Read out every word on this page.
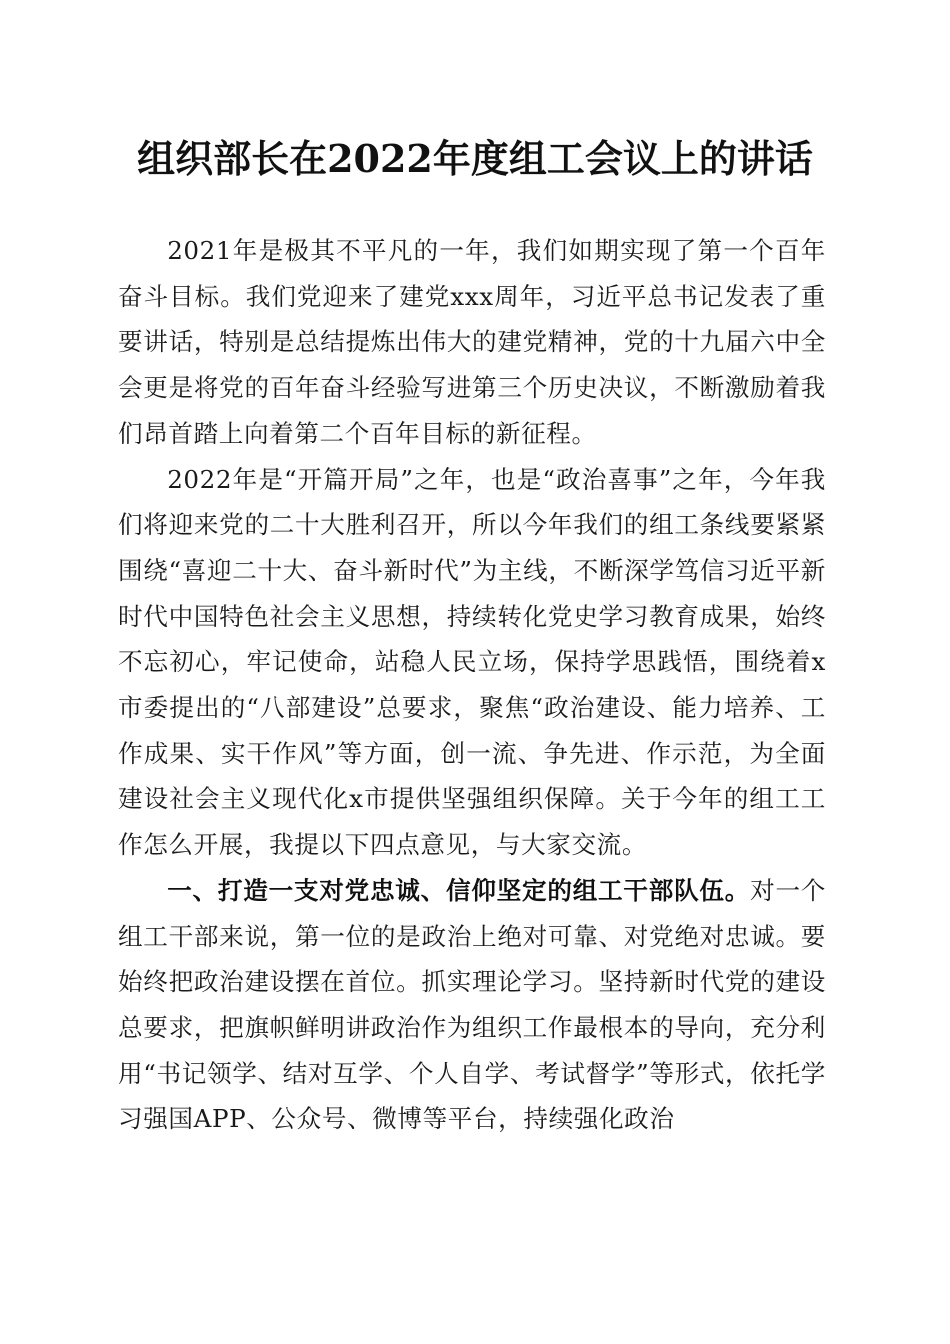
组织部长在2022年度组工会议上的讲话

2021年是极其不平凡的一年，我们如期实现了第一个百年奋斗目标。我们党迎来了建党xxx周年，习近平总书记发表了重要讲话，特别是总结提炼出伟大的建党精神，党的十九届六中全会更是将党的百年奋斗经验写进第三个历史决议，不断激励着我们昂首踏上向着第二个百年目标的新征程。

2022年是“开篇开局”之年，也是“政治喜事”之年，今年我们将迎来党的二十大胜利召开，所以今年我们的组工条线要紧紧围绕“喜迎二十大、奋斗新时代”为主线，不断深学笃信习近平新时代中国特色社会主义思想，持续转化党史学习教育成果，始终不忘初心，牢记使命，站稳人民立场，保持学思践悟，围绕着x市委提出的“八部建设”总要求，聚焦“政治建设、能力培养、工作成果、实干作风”等方面，创一流、争先进、作示范，为全面建设社会主义现代化x市提供坚强组织保障。关于今年的组工工作怎么开展，我提以下四点意见，与大家交流。

一、打造一支对党忠诚、信仰坚定的组工干部队伍。对一个组工干部来说，第一位的是政治上绝对可靠、对党绝对忠诚。要始终把政治建设摆在首位。抓实理论学习。坚持新时代党的建设总要求，把旗帜鲜明讲政治作为组织工作最根本的导向，充分利用“书记领学、结对互学、个人自学、考试督学”等形式，依托学习强国APP、公众号、微博等平台，持续强化政治
